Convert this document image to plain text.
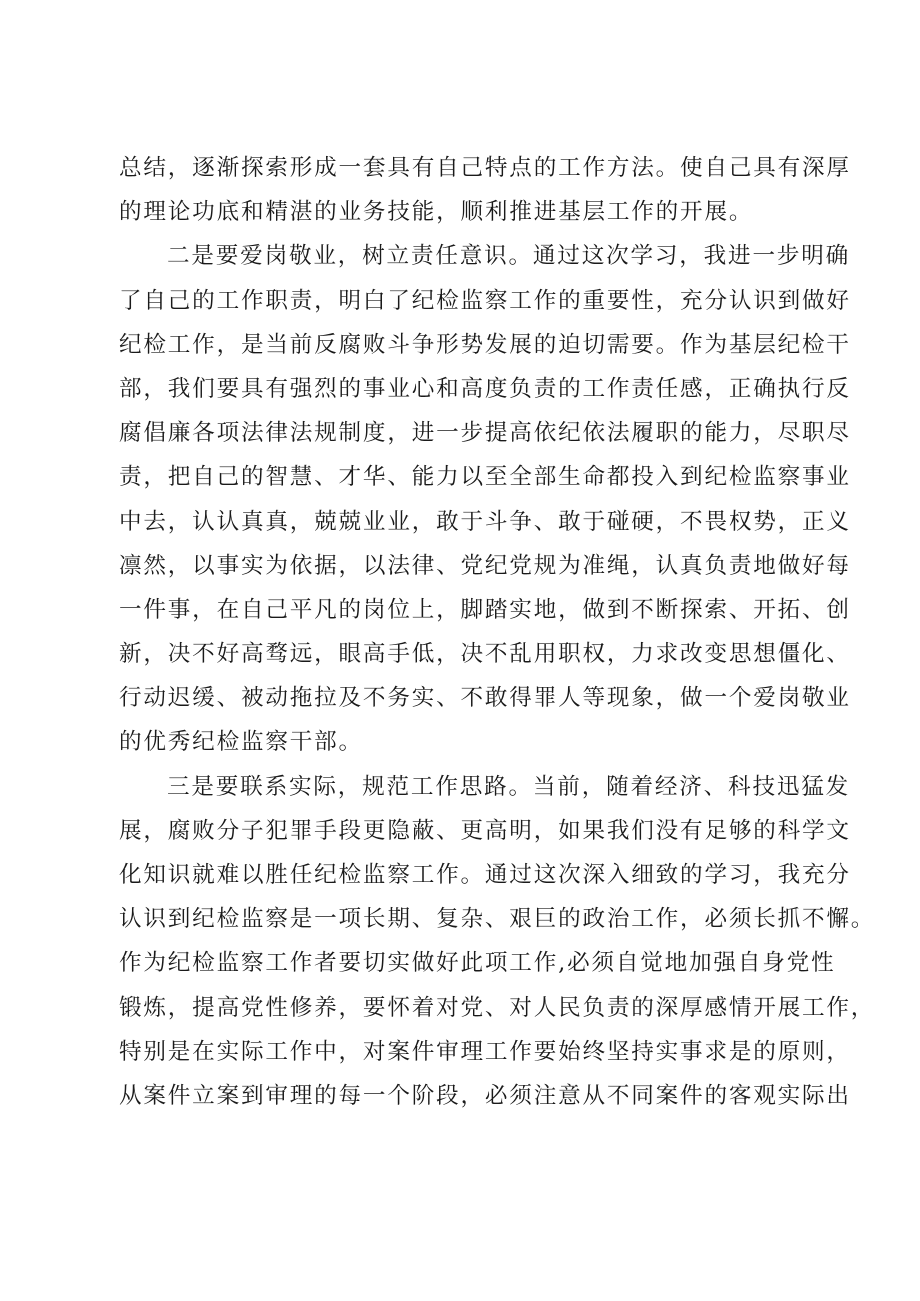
总结，逐渐探索形成一套具有自己特点的工作方法。使自己具有深厚
的理论功底和精湛的业务技能，顺利推进基层工作的开展。
二是要爱岗敬业，树立责任意识。通过这次学习，我进一步明确
了自己的工作职责，明白了纪检监察工作的重要性，充分认识到做好
纪检工作，是当前反腐败斗争形势发展的迫切需要。作为基层纪检干
部，我们要具有强烈的事业心和高度负责的工作责任感，正确执行反
腐倡廉各项法律法规制度，进一步提高依纪依法履职的能力，尽职尽
责，把自己的智慧、才华、能力以至全部生命都投入到纪检监察事业
中去，认认真真，兢兢业业，敢于斗争、敢于碰硬，不畏权势，正义
凛然，以事实为依据，以法律、党纪党规为准绳，认真负责地做好每
一件事，在自己平凡的岗位上，脚踏实地，做到不断探索、开拓、创
新，决不好高骛远，眼高手低，决不乱用职权，力求改变思想僵化、
行动迟缓、被动拖拉及不务实、不敢得罪人等现象，做一个爱岗敬业
的优秀纪检监察干部。
三是要联系实际，规范工作思路。当前，随着经济、科技迅猛发
展，腐败分子犯罪手段更隐蔽、更高明，如果我们没有足够的科学文
化知识就难以胜任纪检监察工作。通过这次深入细致的学习，我充分
认识到纪检监察是一项长期、复杂、艰巨的政治工作，必须长抓不懈。
作为纪检监察工作者要切实做好此项工作,必须自觉地加强自身党性
锻炼，提高党性修养，要怀着对党、对人民负责的深厚感情开展工作，
特别是在实际工作中，对案件审理工作要始终坚持实事求是的原则，
从案件立案到审理的每一个阶段，必须注意从不同案件的客观实际出
